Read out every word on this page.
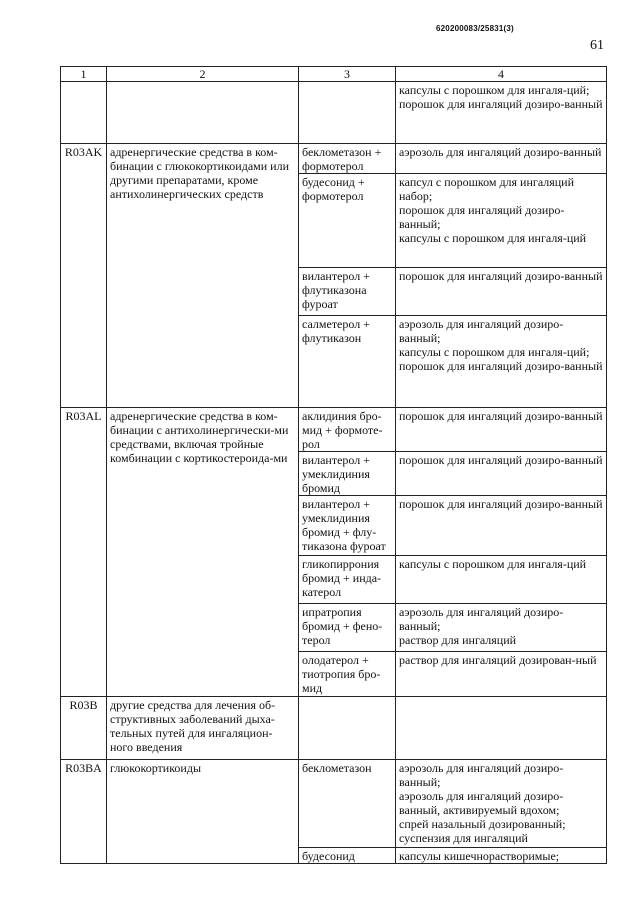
620200083/25831(3)
61
1	2	3	4

			капсулы с порошком для ингаля-ций;
порошок для ингаляций дозиро-ванный

R03AK	адренергические средства в ком-бинации с глюкокортикоидами или другими препаратами, кроме антихолинергических средств	беклометазон + формотерол	аэрозоль для ингаляций дозиро-ванный

		будесонид + формотерол	капсул с порошком для ингаляций набор;
порошок для ингаляций дозиро-ванный;
капсулы с порошком для ингаля-ций

		вилантерол + флутиказона фуроат	порошок для ингаляций дозиро-ванный

		салметерол + флутиказон	аэрозоль для ингаляций дозиро-ванный;
капсулы с порошком для ингаля-ций;
порошок для ингаляций дозиро-ванный

R03AL	адренергические средства в ком-бинации с антихолинергически-ми средствами, включая тройные комбинации с кортикостероида-ми	аклидиния бро-мид + формоте-рол	порошок для ингаляций дозиро-ванный

		вилантерол + умеклидиния бромид	порошок для ингаляций дозиро-ванный

		вилантерол + умеклидиния бромид + флу-тиказона фуроат	порошок для ингаляций дозиро-ванный

		гликопиррония бромид + инда-катерол	капсулы с порошком для ингаля-ций

		ипратропия бромид + фено-терол	аэрозоль для ингаляций дозиро-ванный;
раствор для ингаляций

		олодатерол + тиотропия бро-мид	раствор для ингаляций дозирован-ный

R03B	другие средства для лечения об-структивных заболеваний дыха-тельных путей для ингаляцион-ного введения		
R03BA	глюкокортикоиды	беклометазон	аэрозоль для ингаляций дозиро-ванный;
аэрозоль для ингаляций дозиро-ванный, активируемый вдохом;
спрей назальный дозированный;
суспензия для ингаляций

		будесонид	капсулы кишечнорастворимые;
